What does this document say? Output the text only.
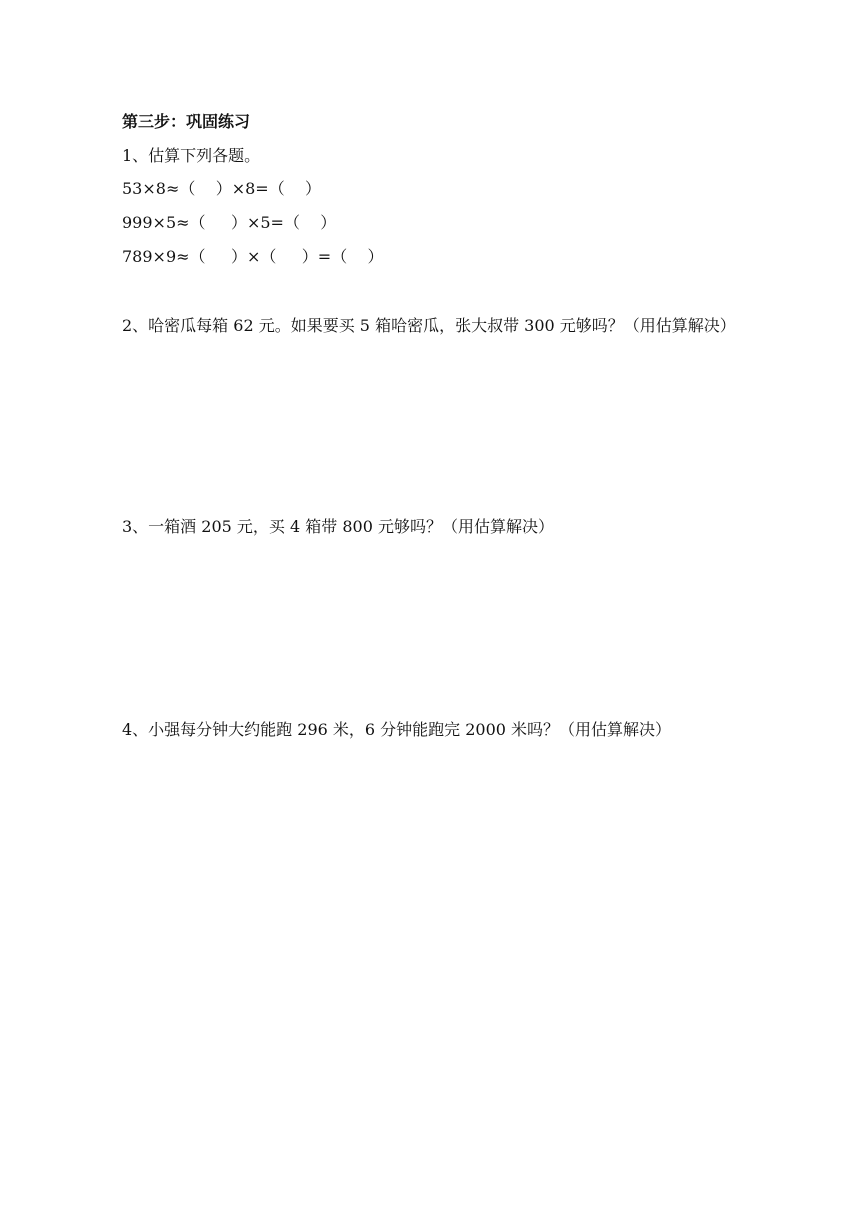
第三步：巩固练习
1、估算下列各题。
53×8≈（    ）×8=（    ）
999×5≈（     ）×5=（    ）
789×9≈（     ）×（     ）=（    ）
2、哈密瓜每箱 62 元。如果要买 5 箱哈密瓜，张大叔带 300 元够吗？（用估算解决）
3、一箱酒 205 元，买 4 箱带 800 元够吗？（用估算解决）
4、小强每分钟大约能跑 296 米，6 分钟能跑完 2000 米吗？（用估算解决）
